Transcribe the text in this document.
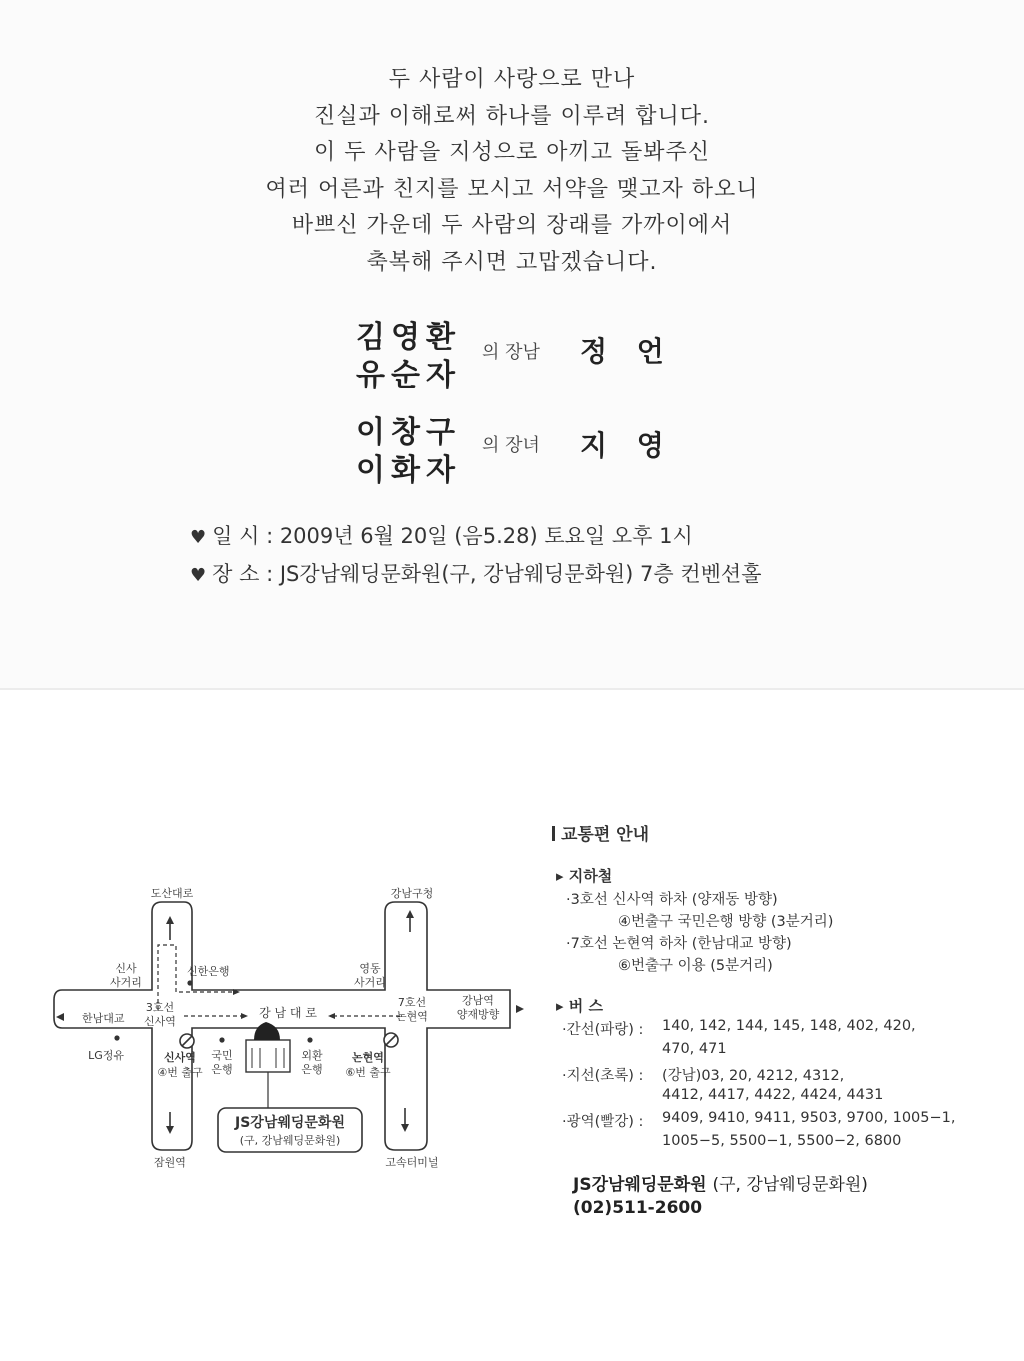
두 사람이 사랑으로 만나
진실과 이해로써 하나를 이루려 합니다.
이 두 사람을 지성으로 아끼고 돌봐주신
여러 어른과 친지를 모시고 서약을 맺고자 하오니
바쁘신 가운데 두 사람의 장래를 가까이에서
축복해 주시면 고맙겠습니다.
김영환
유순자
의 장남 정 언
이창구
이화자
의 장녀 지 영
♥ 일 시 : 2009년 6월 20일 (음5.28) 토요일 오후 1시
♥ 장 소 : JS강남웨딩문화원(구, 강남웨딩문화원) 7층 컨벤션홀
도산대로	강남구청
잠원역	고속터미널
한남대교
강남역
양재방향
강 남 대 로
신사
사거리
영동
사거리
신한은행
3호선
신사역
7호선
논현역
LG정유	신사역
④번 출구
국민
은행
외환
은행
논현역
⑥번 출구
JS강남웨딩문화원
(구, 강남웨딩문화원)
교통편 안내
▸ 지하철
·3호선 신사역 하차 (양재동 방향)
④번출구 국민은행 방향 (3분거리)
·7호선 논현역 하차 (한남대교 방향)
⑥번출구 이용 (5분거리)
▸ 버 스
·간선(파랑) : 140, 142, 144, 145, 148, 402, 420,
470, 471
·지선(초록) : (강남)03, 20, 4212, 4312,
4412, 4417, 4422, 4424, 4431
·광역(빨강) : 9409, 9410, 9411, 9503, 9700, 1005−1,
1005−5, 5500−1, 5500−2, 6800
JS강남웨딩문화원 (구, 강남웨딩문화원)
(02)511-2600
